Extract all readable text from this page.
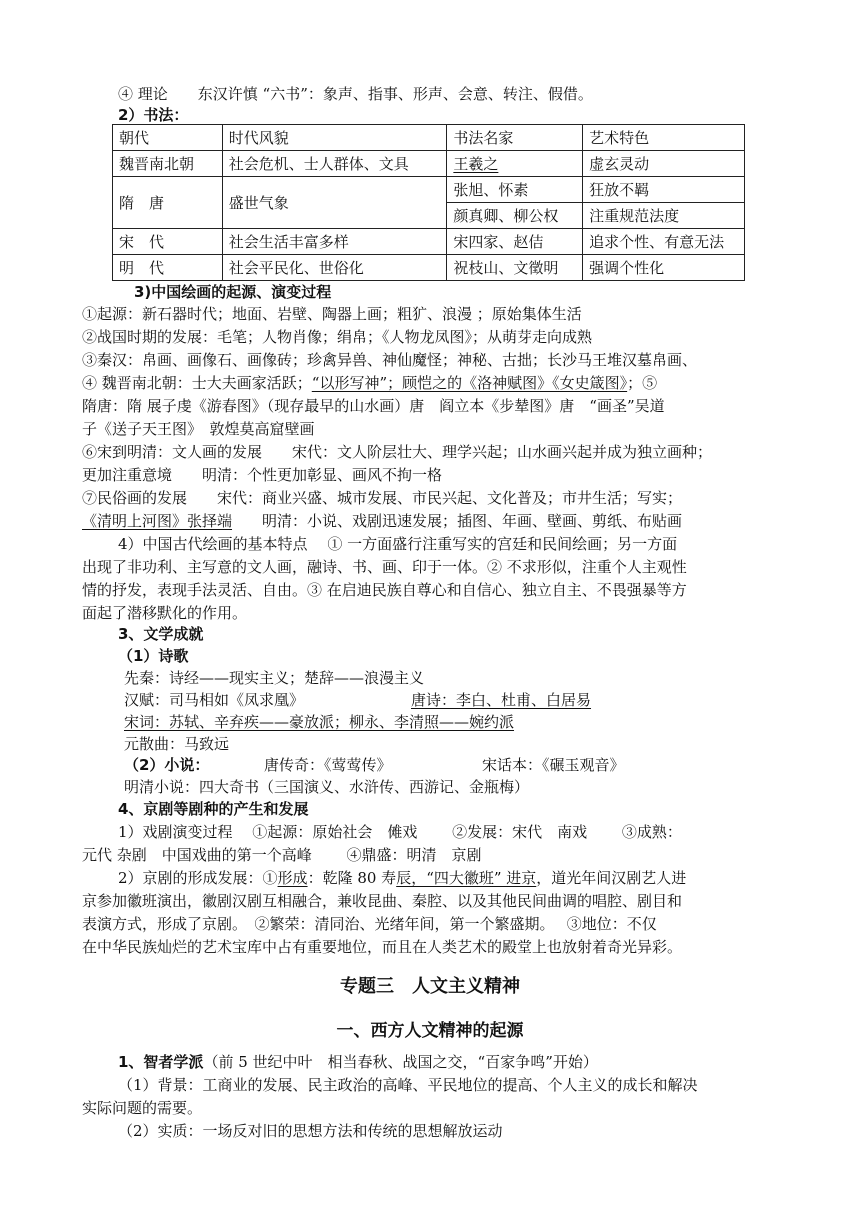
④ 理论　　东汉许慎 “六书”：象声、指事、形声、会意、转注、假借。
2）书法：
朝代	时代风貌	书法名家	艺术特色
魏晋南北朝	社会危机、士人群体、文具	王羲之	虚玄灵动
隋　唐	盛世气象	张旭、怀素	狂放不羁
		颜真卿、柳公权	注重规范法度
宋　代	社会生活丰富多样	宋四家、赵佶	追求个性、有意无法
明　代	社会平民化、世俗化	祝枝山、文徵明	强调个性化
3)中国绘画的起源、演变过程
①起源：新石器时代；地面、岩壁、陶器上画；粗犷、浪漫 ；原始集体生活
②战国时期的发展：毛笔；人物肖像；绢帛；《人物龙凤图》；从萌芽走向成熟
③秦汉：帛画、画像石、画像砖；珍禽异兽、神仙魔怪；神秘、古拙；长沙马王堆汉墓帛画、
④ 魏晋南北朝：士大夫画家活跃；“以形写神”；顾恺之的《洛神赋图》《女史箴图》；⑤
隋唐：隋 展子虔《游春图》（现存最早的山水画）唐　阎立本《步辇图》唐　“画圣”吴道
子《送子天王图》　敦煌莫高窟壁画
⑥宋到明清：文人画的发展　　宋代：文人阶层壮大、理学兴起；山水画兴起并成为独立画种；
更加注重意境　　明清：个性更加彰显、画风不拘一格
⑦民俗画的发展　　宋代：商业兴盛、城市发展、市民兴起、文化普及；市井生活；写实；
《清明上河图》张择端　　明清：小说、戏剧迅速发展；插图、年画、壁画、剪纸、布贴画
4）中国古代绘画的基本特点　 ① 一方面盛行注重写实的宫廷和民间绘画；另一方面
出现了非功利、主写意的文人画，融诗、书、画、印于一体。② 不求形似，注重个人主观性
情的抒发，表现手法灵活、自由。③ 在启迪民族自尊心和自信心、独立自主、不畏强暴等方
面起了潜移默化的作用。
3、文学成就
（1）诗歌
先秦：诗经——现实主义；楚辞——浪漫主义
汉赋：司马相如《凤求凰》	唐诗：李白、杜甫、白居易
宋词：苏轼、辛弃疾——豪放派；柳永、李清照——婉约派
元散曲：马致远
（2）小说：	唐传奇：《莺莺传》	宋话本：《碾玉观音》
明清小说：四大奇书（三国演义、水浒传、西游记、金瓶梅）
4、京剧等剧种的产生和发展
1）戏剧演变过程　 ①起源：原始社会　傩戏　　 ②发展：宋代　南戏　　 ③成熟：
元代 杂剧　中国戏曲的第一个高峰　　 ④鼎盛：明清　京剧
2）京剧的形成发展：①形成：乾隆 80 寿辰，“四大徽班” 进京，道光年间汉剧艺人进
京参加徽班演出，徽剧汉剧互相融合，兼收昆曲、秦腔、以及其他民间曲调的唱腔、剧目和
表演方式，形成了京剧。　②繁荣：清同治、光绪年间，第一个繁盛期。　 ③地位：不仅
在中华民族灿烂的艺术宝库中占有重要地位，而且在人类艺术的殿堂上也放射着奇光异彩。
专题三　人文主义精神
一、西方人文精神的起源
1、智者学派（前 5 世纪中叶　相当春秋、战国之交，“百家争鸣”开始）
（1）背景：工商业的发展、民主政治的高峰、平民地位的提高、个人主义的成长和解决
实际问题的需要。
（2）实质：一场反对旧的思想方法和传统的思想解放运动
